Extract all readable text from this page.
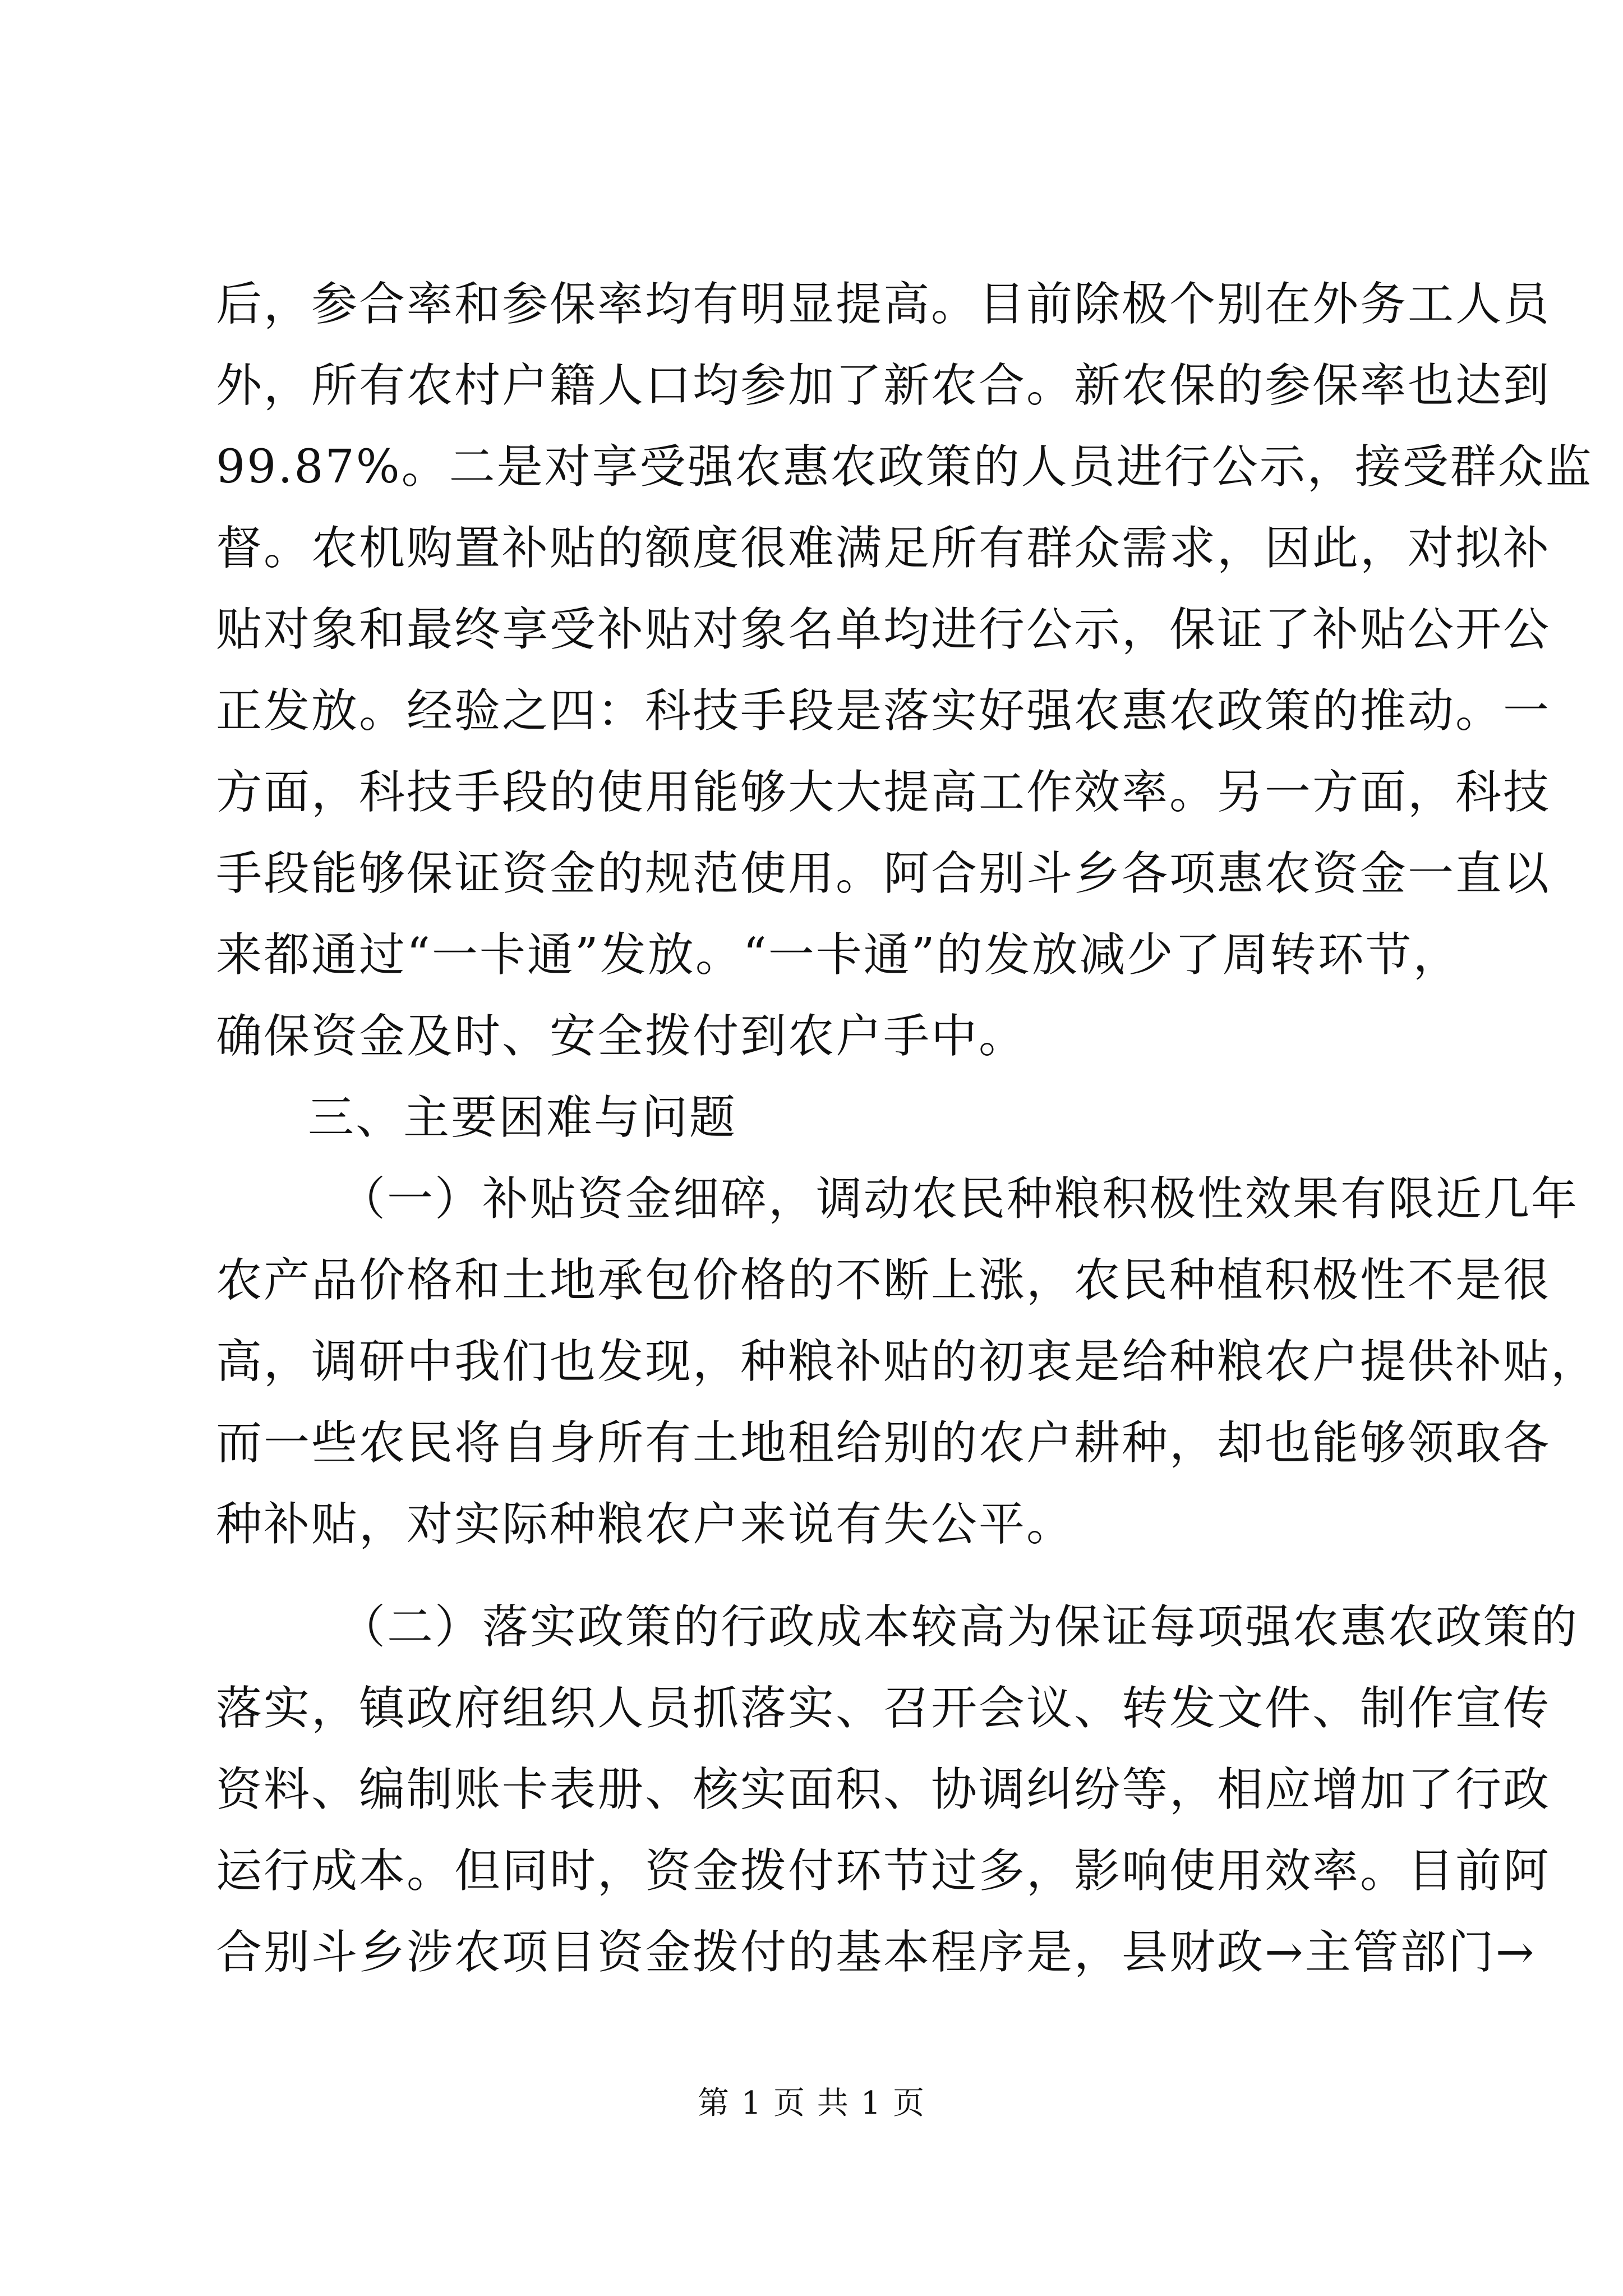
后，参合率和参保率均有明显提高。目前除极个别在外务工人员
外，所有农村户籍人口均参加了新农合。新农保的参保率也达到
99.87%。二是对享受强农惠农政策的人员进行公示，接受群众监
督。农机购置补贴的额度很难满足所有群众需求，因此，对拟补
贴对象和最终享受补贴对象名单均进行公示，保证了补贴公开公
正发放。经验之四：科技手段是落实好强农惠农政策的推动。一
方面，科技手段的使用能够大大提高工作效率。另一方面，科技
手段能够保证资金的规范使用。阿合别斗乡各项惠农资金一直以
来都通过“一卡通”发放。“一卡通”的发放减少了周转环节，
确保资金及时、安全拨付到农户手中。
三、主要困难与问题
（一）补贴资金细碎，调动农民种粮积极性效果有限近几年
农产品价格和土地承包价格的不断上涨，农民种植积极性不是很
高，调研中我们也发现，种粮补贴的初衷是给种粮农户提供补贴，
而一些农民将自身所有土地租给别的农户耕种，却也能够领取各
种补贴，对实际种粮农户来说有失公平。
（二）落实政策的行政成本较高为保证每项强农惠农政策的
落实，镇政府组织人员抓落实、召开会议、转发文件、制作宣传
资料、编制账卡表册、核实面积、协调纠纷等，相应增加了行政
运行成本。但同时，资金拨付环节过多，影响使用效率。目前阿
合别斗乡涉农项目资金拨付的基本程序是，县财政→主管部门→
第 1 页 共 1 页
